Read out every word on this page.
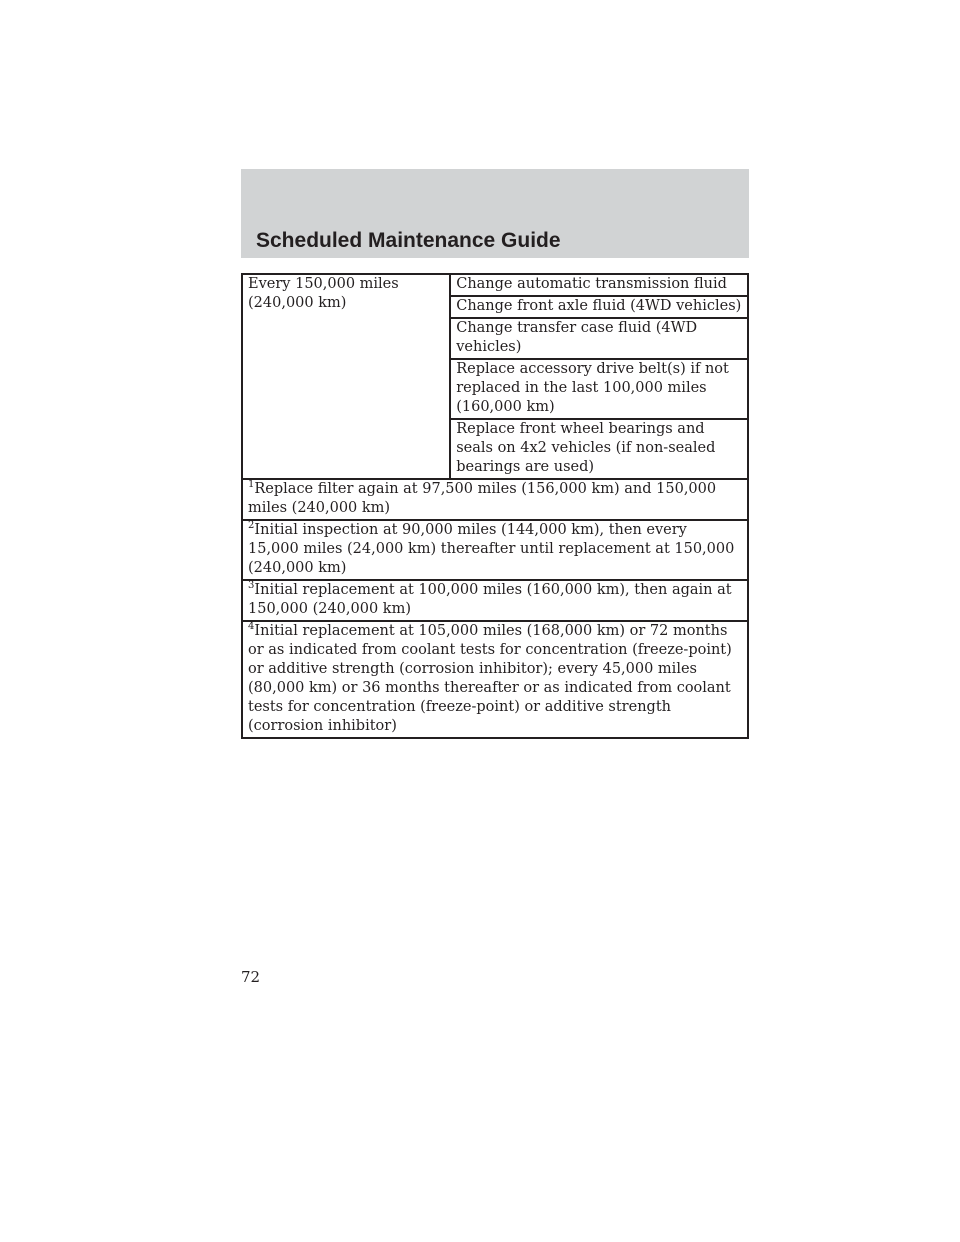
Scheduled Maintenance Guide
Every 150,000 miles (240,000 km)	Change automatic transmission fluid
Change front axle fluid (4WD vehicles)
Change transfer case fluid (4WD vehicles)
Replace accessory drive belt(s) if not replaced in the last 100,000 miles (160,000 km)
Replace front wheel bearings and seals on 4x2 vehicles (if non-sealed bearings are used)
$^1$Replace filter again at 97,500 miles (156,000 km) and 150,000 miles (240,000 km)
$^2$Initial inspection at 90,000 miles (144,000 km), then every 15,000 miles (24,000 km) thereafter until replacement at 150,000 (240,000 km)
$^3$Initial replacement at 100,000 miles (160,000 km), then again at 150,000 (240,000 km)
$^4$Initial replacement at 105,000 miles (168,000 km) or 72 months or as indicated from coolant tests for concentration (freeze-point) or additive strength (corrosion inhibitor); every 45,000 miles (80,000 km) or 36 months thereafter or as indicated from coolant tests for concentration (freeze-point) or additive strength (corrosion inhibitor)
72
